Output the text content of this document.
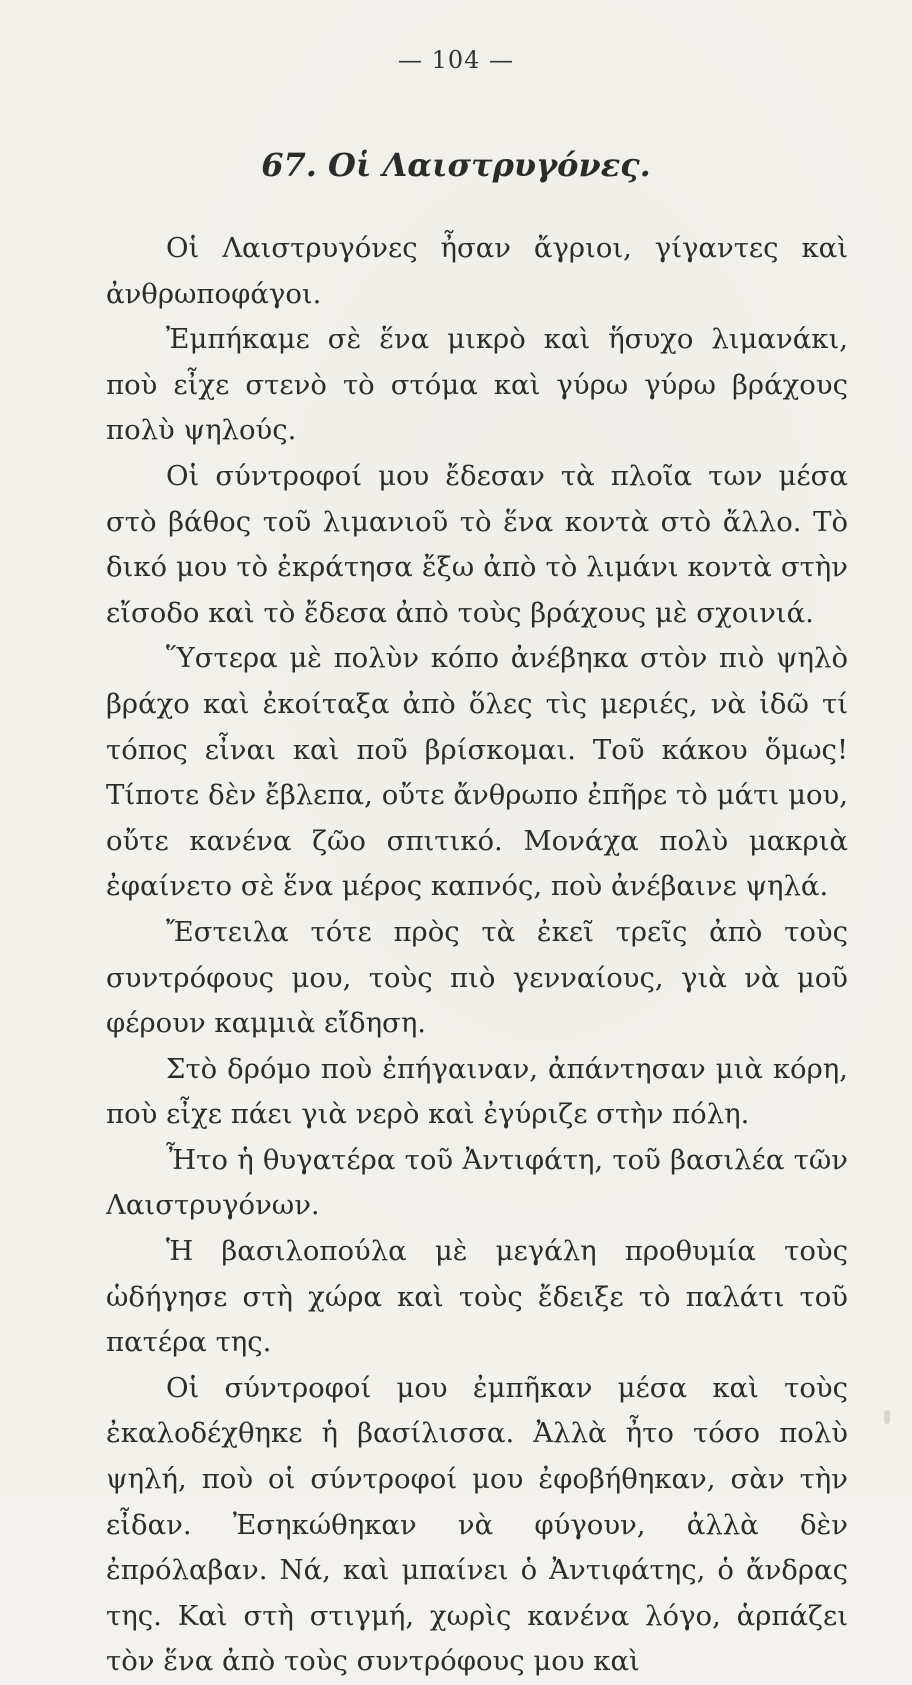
— 104 —
67. Οἱ Λαιστρυγόνες.

Οἱ Λαιστρυγόνες ἦσαν ἄγριοι, γίγαντες καὶ ἀνθρωποφάγοι.

Ἐμπήκαμε σὲ ἕνα μικρὸ καὶ ἥσυχο λιμανάκι, ποὺ εἶχε στενὸ τὸ στόμα καὶ γύρω γύρω βράχους πολὺ ψηλούς.

Οἱ σύντροφοί μου ἔδεσαν τὰ πλοῖα των μέσα στὸ βάθος τοῦ λιμανιοῦ τὸ ἕνα κοντὰ στὸ ἄλλο. Τὸ δικό μου τὸ ἐκράτησα ἔξω ἀπὸ τὸ λιμάνι κοντὰ στὴν εἴσοδο καὶ τὸ ἔδεσα ἀπὸ τοὺς βράχους μὲ σχοινιά.

Ὕστερα μὲ πολὺν κόπο ἀνέβηκα στὸν πιὸ ψηλὸ βράχο καὶ ἐκοίταξα ἀπὸ ὅλες τὶς μεριές, νὰ ἰδῶ τί τόπος εἶναι καὶ ποῦ βρίσκομαι. Τοῦ κάκου ὅμως! Τίποτε δὲν ἔβλεπα, οὔτε ἄνθρωπο ἐπῆρε τὸ μάτι μου, οὔτε κανένα ζῶο σπιτικό. Μονάχα πολὺ μακριὰ ἐφαίνετο σὲ ἕνα μέρος καπνός, ποὺ ἀνέβαινε ψηλά.

Ἔστειλα τότε πρὸς τὰ ἐκεῖ τρεῖς ἀπὸ τοὺς συντρόφους μου, τοὺς πιὸ γενναίους, γιὰ νὰ μοῦ φέρουν καμμιὰ εἴδηση.

Στὸ δρόμο ποὺ ἐπήγαιναν, ἀπάντησαν μιὰ κόρη, ποὺ εἶχε πάει γιὰ νερὸ καὶ ἐγύριζε στὴν πόλη.

Ἦτο ἡ θυγατέρα τοῦ Ἀντιφάτη, τοῦ βασιλέα τῶν Λαιστρυγόνων.

Ἡ βασιλοπούλα μὲ μεγάλη προθυμία τοὺς ὡδήγησε στὴ χώρα καὶ τοὺς ἔδειξε τὸ παλάτι τοῦ πατέρα της.

Οἱ σύντροφοί μου ἐμπῆκαν μέσα καὶ τοὺς ἐκαλοδέχθηκε ἡ βασίλισσα. Ἀλλὰ ἦτο τόσο πολὺ ψηλή, ποὺ οἱ σύντροφοί μου ἐφοβήθηκαν, σὰν τὴν εἶδαν. Ἐσηκώθηκαν νὰ φύγουν, ἀλλὰ δὲν ἐπρόλαβαν. Νά, καὶ μπαίνει ὁ Ἀντιφάτης, ὁ ἄνδρας της. Καὶ στὴ στιγμή, χωρὶς κανένα λόγο, ἁρπάζει τὸν ἕνα ἀπὸ τοὺς συντρόφους μου καὶ
